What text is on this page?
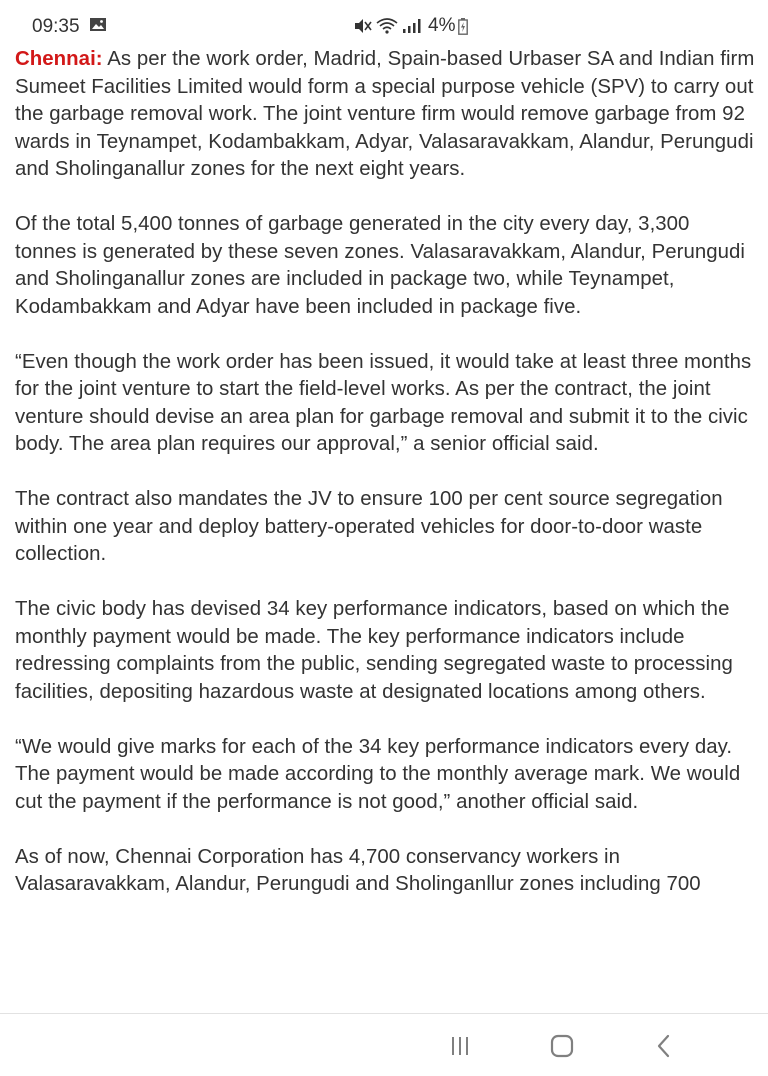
09:35	4%

Chennai: As per the work order, Madrid, Spain-based Urbaser SA and Indian firm Sumeet Facilities Limited would form a special purpose vehicle (SPV) to carry out the garbage removal work. The joint venture firm would remove garbage from 92 wards in Teynampet, Kodambakkam, Adyar, Valasaravakkam, Alandur, Perungudi and Sholinganallur zones for the next eight years.

Of the total 5,400 tonnes of garbage generated in the city every day, 3,300 tonnes is generated by these seven zones. Valasaravakkam, Alandur, Perungudi and Sholinganallur zones are included in package two, while Teynampet, Kodambakkam and Adyar have been included in package five.

“Even though the work order has been issued, it would take at least three months for the joint venture to start the field-level works. As per the contract, the joint venture should devise an area plan for garbage removal and submit it to the civic body. The area plan requires our approval,” a senior official said.

The contract also mandates the JV to ensure 100 per cent source segregation within one year and deploy battery-operated vehicles for door-to-door waste collection.

The civic body has devised 34 key performance indicators, based on which the monthly payment would be made. The key performance indicators include redressing complaints from the public, sending segregated waste to processing facilities, depositing hazardous waste at designated locations among others.

“We would give marks for each of the 34 key performance indicators every day. The payment would be made according to the monthly average mark. We would cut the payment if the performance is not good,” another official said.

As of now, Chennai Corporation has 4,700 conservancy workers in Valasaravakkam, Alandur, Perungudi and Sholinganllur zones including 700
